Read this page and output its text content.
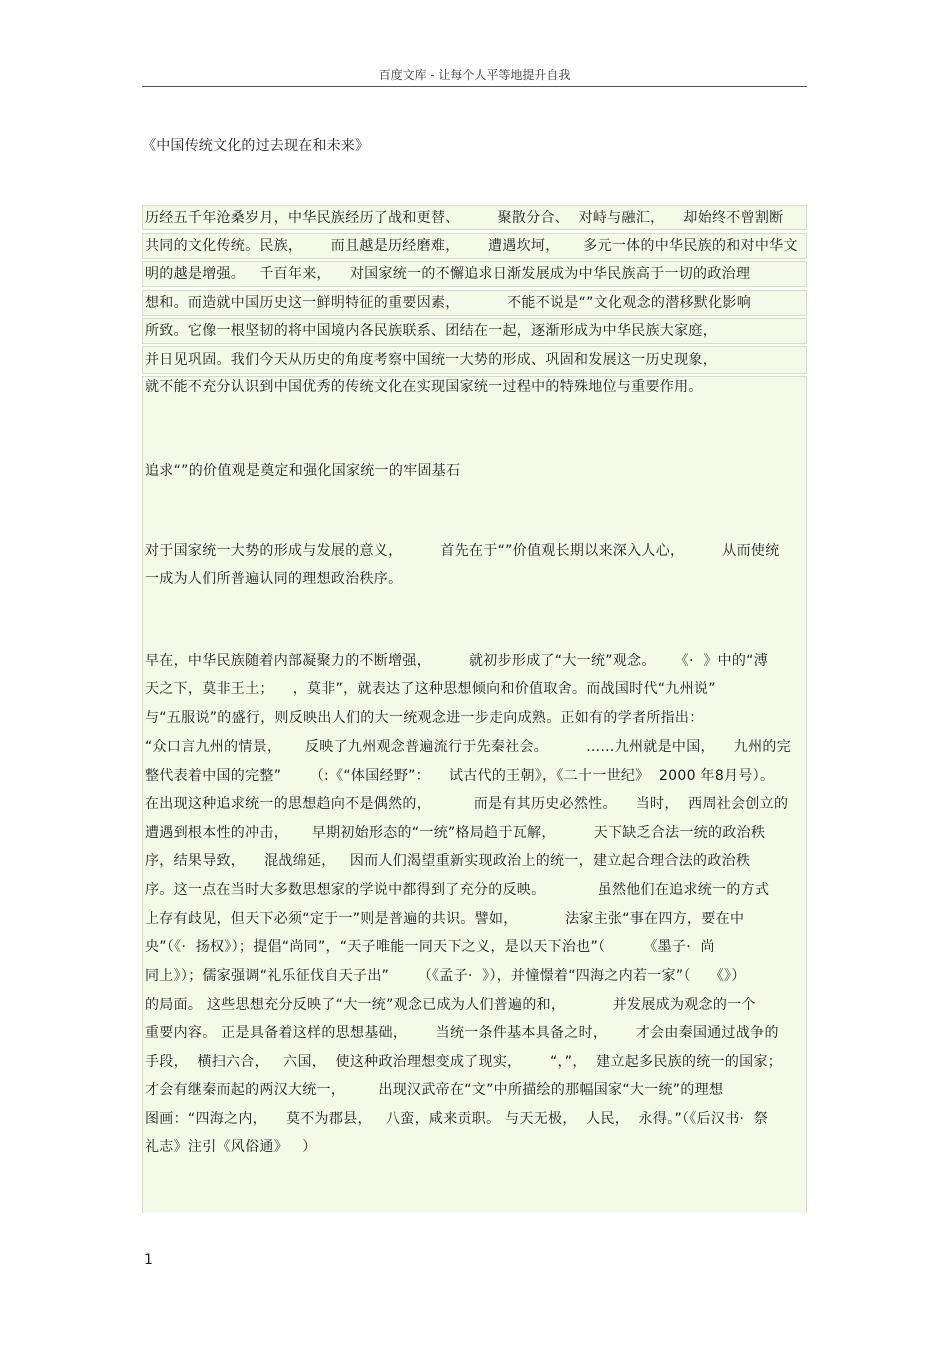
百度文库 - 让每个人平等地提升自我
《中国传统文化的过去现在和未来》
历经五千年沧桑岁月，中华民族经历了战和更替、        聚散分合、  对峙与融汇，    却始终不曾割断
共同的文化传统。民族，      而且越是历经磨难，      遭遇坎坷，     多元一体的中华民族的和对中华文
明的越是增强。   千百年来，    对国家统一的不懈追求日渐发展成为中华民族高于一切的政治理
想和。而造就中国历史这一鲜明特征的重要因素，          不能不说是“”文化观念的潜移默化影响
所致。它像一根坚韧的将中国境内各民族联系、团结在一起，逐渐形成为中华民族大家庭，
并日见巩固。我们今天从历史的角度考察中国统一大势的形成、巩固和发展这一历史现象，
就不能不充分认识到中国优秀的传统文化在实现国家统一过程中的特殊地位与重要作用。
追求“”的价值观是奠定和强化国家统一的牢固基石
对于国家统一大势的形成与发展的意义，        首先在于“”价值观长期以来深入人心，        从而使统
一成为人们所普遍认同的理想政治秩序。
早在，中华民族随着内部凝聚力的不断增强，        就初步形成了“大一统”观念。    《·  》中的“溥
天之下，莫非王土；    ，莫非”，就表达了这种思想倾向和价值取舍。而战国时代“九州说”
与“五服说”的盛行，则反映出人们的大一统观念进一步走向成熟。正如有的学者所指出：
“众口言九州的情景，     反映了九州观念普遍流行于先秦社会。        ……九州就是中国，    九州的完
整代表着中国的完整”      （:《“体国经野”：    试古代的王朝》，《二十一世纪》  2000 年8月号）。
在出现这种追求统一的思想趋向不是偶然的，         而是有其历史必然性。    当时，  西周社会创立的
遭遇到根本性的冲击，     早期初始形态的“一统”格局趋于瓦解，        天下缺乏合法一统的政治秩
序，结果导致，    混战绵延，   因而人们渴望重新实现政治上的统一，建立起合理合法的政治秩
序。这一点在当时大多数思想家的学说中都得到了充分的反映。           虽然他们在追求统一的方式
上存有歧见，但天下必须“定于一”则是普遍的共识。譬如，          法家主张“事在四方，要在中
央”（《·  扬权》）；提倡“尚同”，“天子唯能一同天下之义，是以天下治也”（        《墨子·  尚
同上》）；儒家强调“礼乐征伐自天子出”      （《孟子·  》），并憧憬着“四海之内若一家”（    《》）
的局面。 这些思想充分反映了“大一统”观念已成为人们普遍的和，          并发展成为观念的一个
重要内容。 正是具备着这样的思想基础，      当统一条件基本具备之时，      才会由秦国通过战争的
手段，  横扫六合，   六国，  使这种政治理想变成了现实，      “，”，  建立起多民族的统一的国家；
才会有继秦而起的两汉大统一，       出现汉武帝在“文”中所描绘的那幅国家“大一统”的理想
图画：“四海之内，    莫不为郡县，   八蛮，咸来贡职。 与天无极，  人民，  永得。”（《后汉书·  祭
礼志》注引《风俗通》   ）
1
